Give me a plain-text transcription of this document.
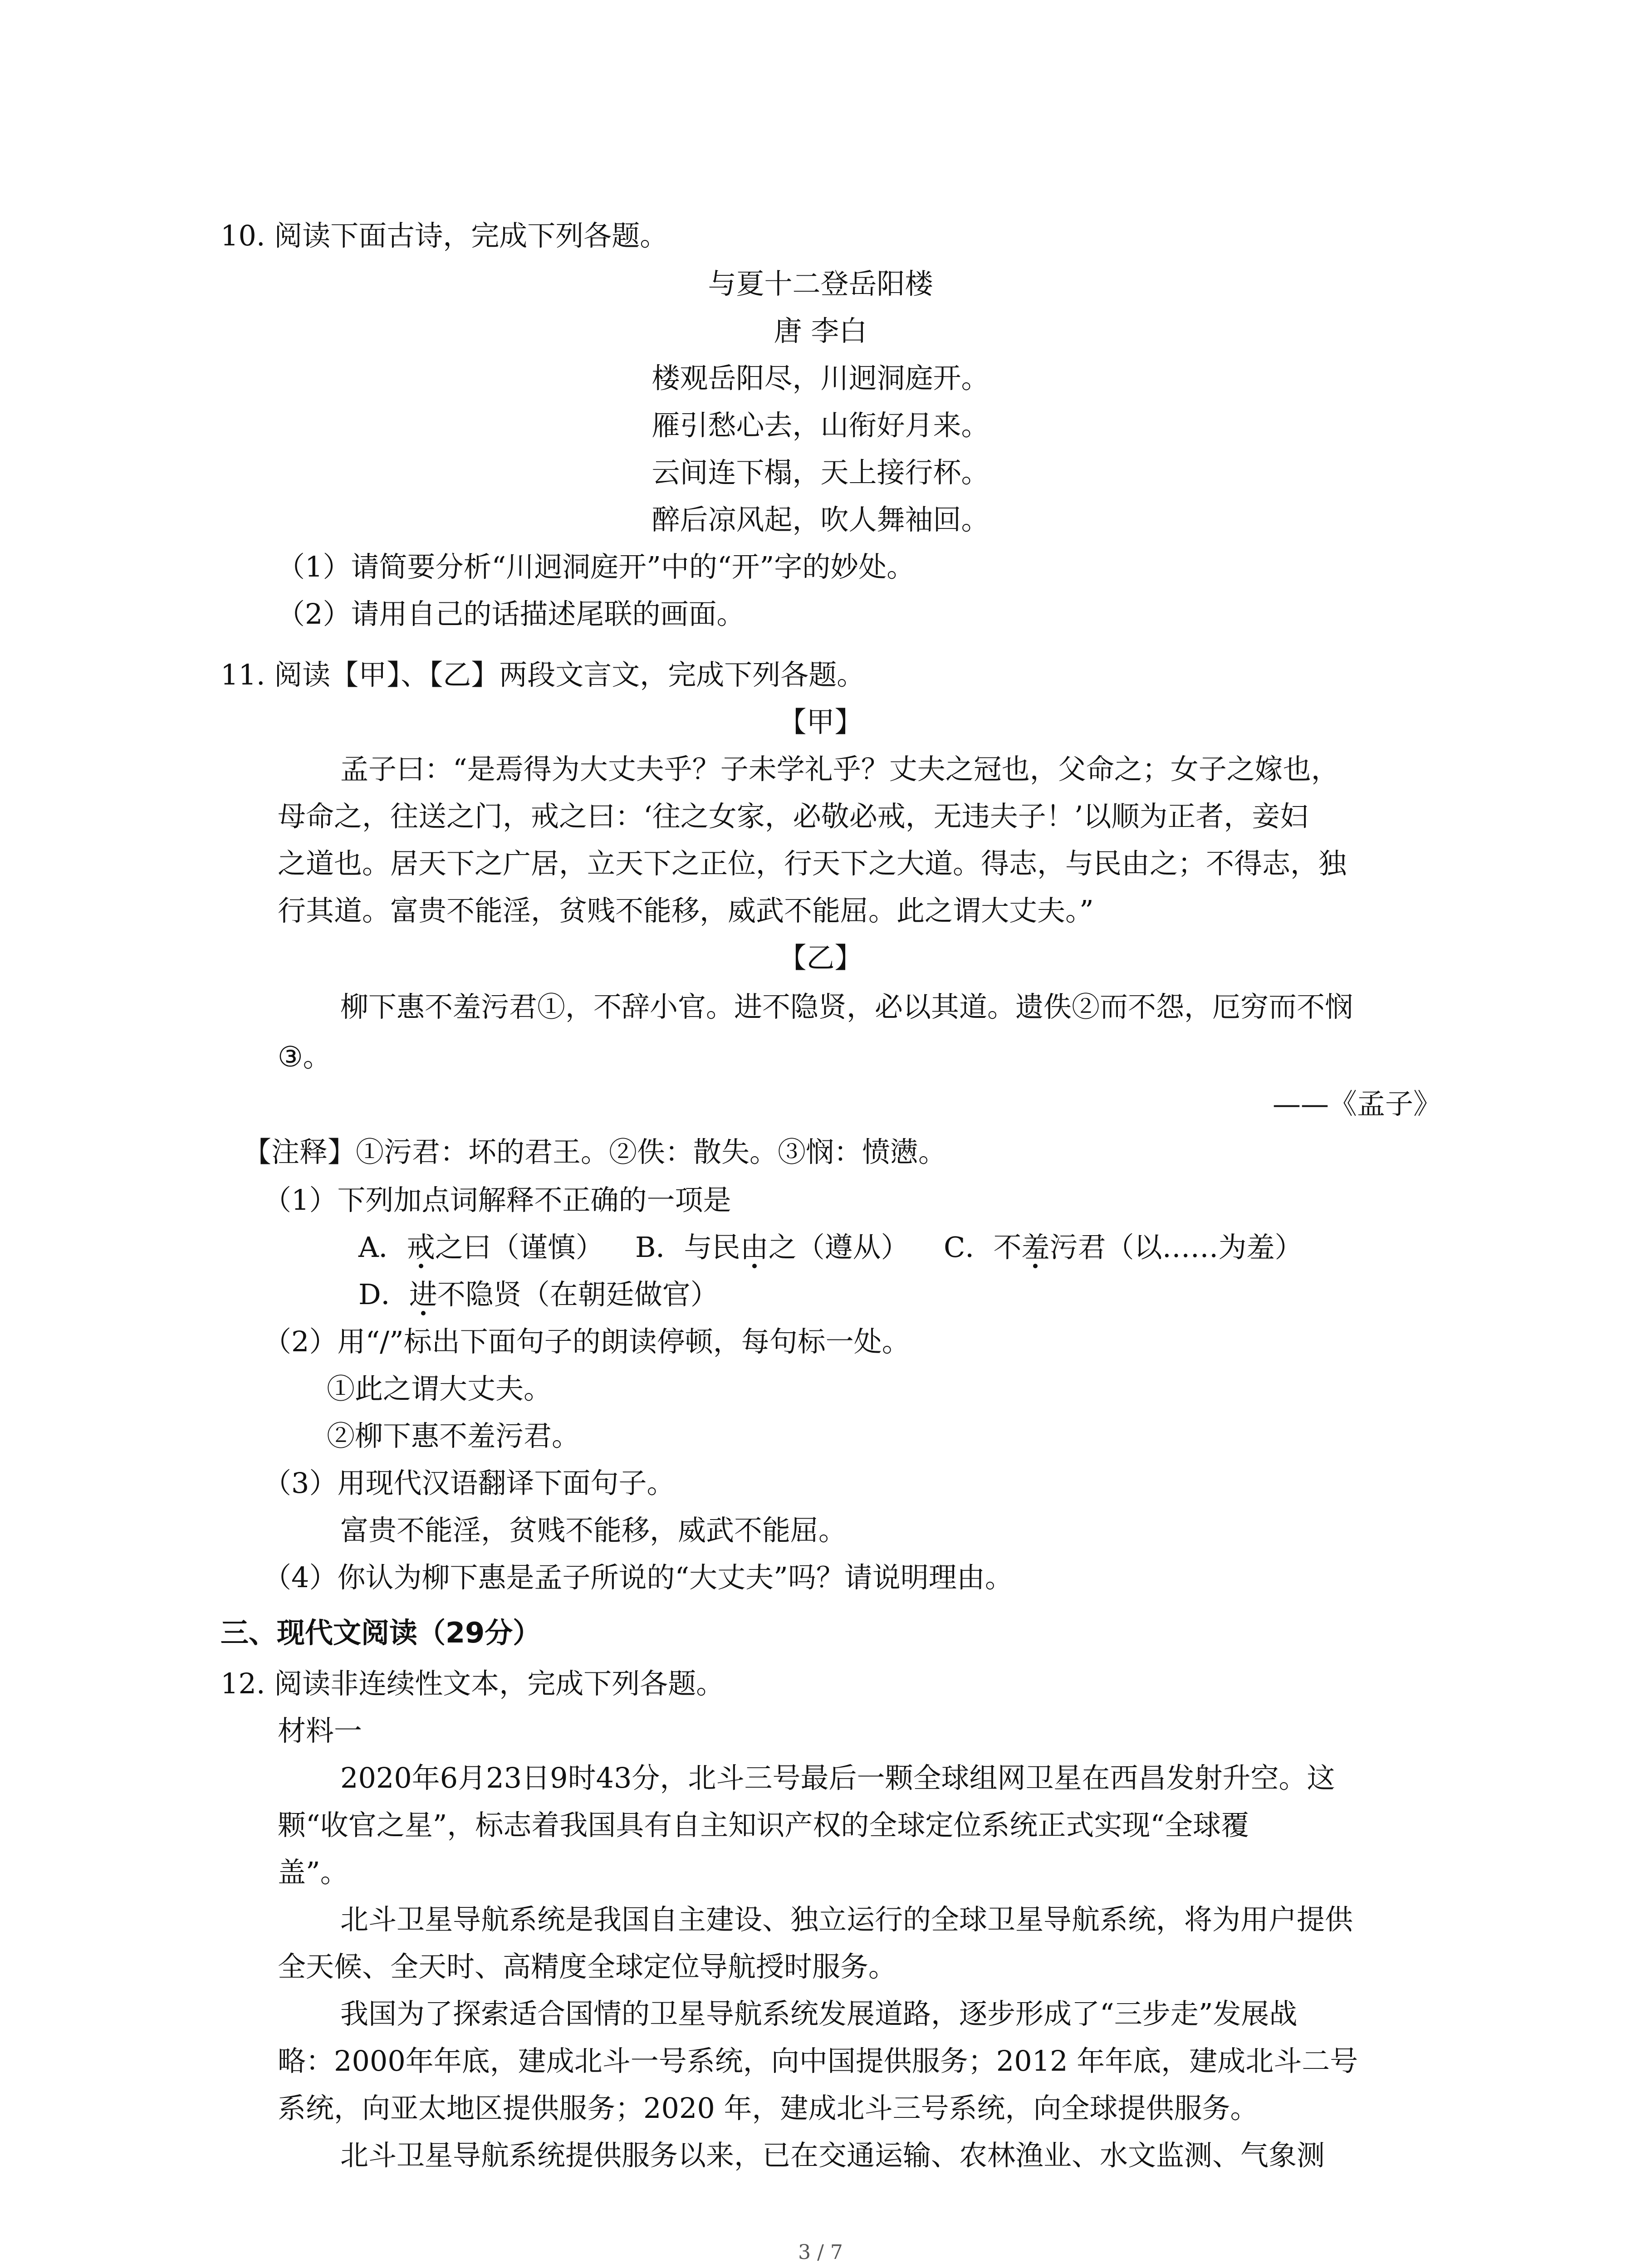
10. 阅读下面古诗，完成下列各题。
与夏十二登岳阳楼
唐 李白
楼观岳阳尽，川迥洞庭开。
雁引愁心去，山衔好月来。
云间连下榻，天上接行杯。
醉后凉风起，吹人舞袖回。
（1）请简要分析“川迥洞庭开”中的“开”字的妙处。
（2）请用自己的话描述尾联的画面。
11. 阅读【甲】、【乙】两段文言文，完成下列各题。
【甲】
孟子曰：“是焉得为大丈夫乎？子未学礼乎？丈夫之冠也，父命之；女子之嫁也，
母命之，往送之门，戒之曰：‘往之女家，必敬必戒，无违夫子！’以顺为正者，妾妇
之道也。居天下之广居，立天下之正位，行天下之大道。得志，与民由之；不得志，独
行其道。富贵不能淫，贫贱不能移，威武不能屈。此之谓大丈夫。”
【乙】
柳下惠不羞污君①，不辞小官。进不隐贤，必以其道。遗佚②而不怨，厄穷而不悯
③。
——《孟子》
【注释】①污君：坏的君王。②佚：散失。③悯：愤懑。
（1）下列加点词解释不正确的一项是
A．戒之曰（谨慎） B．与民由之（遵从） C．不羞污君（以……为羞）
D．进不隐贤（在朝廷做官）
（2）用“/”标出下面句子的朗读停顿，每句标一处。
①此之谓大丈夫。
②柳下惠不羞污君。
（3）用现代汉语翻译下面句子。
富贵不能淫，贫贱不能移，威武不能屈。
（4）你认为柳下惠是孟子所说的“大丈夫”吗？请说明理由。
三、现代文阅读（29分）
12. 阅读非连续性文本，完成下列各题。
材料一
2020年6月23日9时43分，北斗三号最后一颗全球组网卫星在西昌发射升空。这
颗“收官之星”，标志着我国具有自主知识产权的全球定位系统正式实现“全球覆
盖”。
北斗卫星导航系统是我国自主建设、独立运行的全球卫星导航系统，将为用户提供
全天候、全天时、高精度全球定位导航授时服务。
我国为了探索适合国情的卫星导航系统发展道路，逐步形成了“三步走”发展战
略：2000年年底，建成北斗一号系统，向中国提供服务；2012 年年底，建成北斗二号
系统，向亚太地区提供服务；2020 年，建成北斗三号系统，向全球提供服务。
北斗卫星导航系统提供服务以来，已在交通运输、农林渔业、水文监测、气象测
3 / 7
